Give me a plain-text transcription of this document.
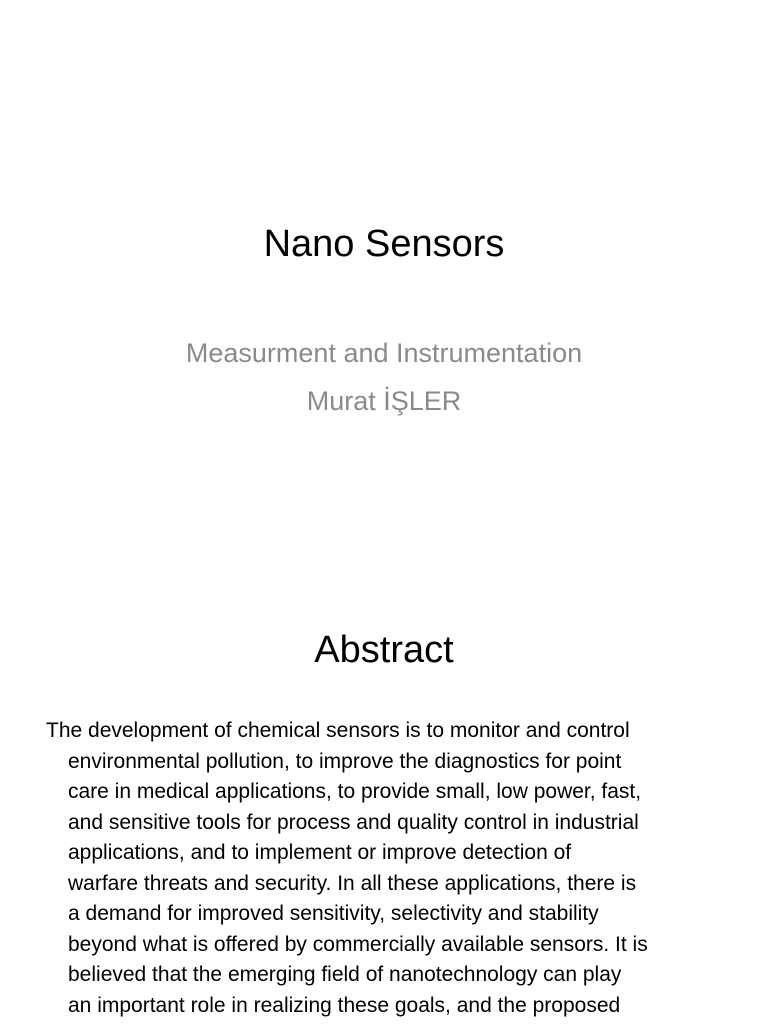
Nano Sensors

Measurment and Instrumentation

Murat İŞLER

Abstract
The development of chemical sensors is to monitor and control
environmental pollution, to improve the diagnostics for point
care in medical applications, to provide small, low power, fast,
and sensitive tools for process and quality control in industrial
applications, and to implement or improve detection of
warfare threats and security. In all these applications, there is
a demand for improved sensitivity, selectivity and stability
beyond what is offered by commercially available sensors. It is
believed that the emerging field of nanotechnology can play
an important role in realizing these goals, and the proposed
